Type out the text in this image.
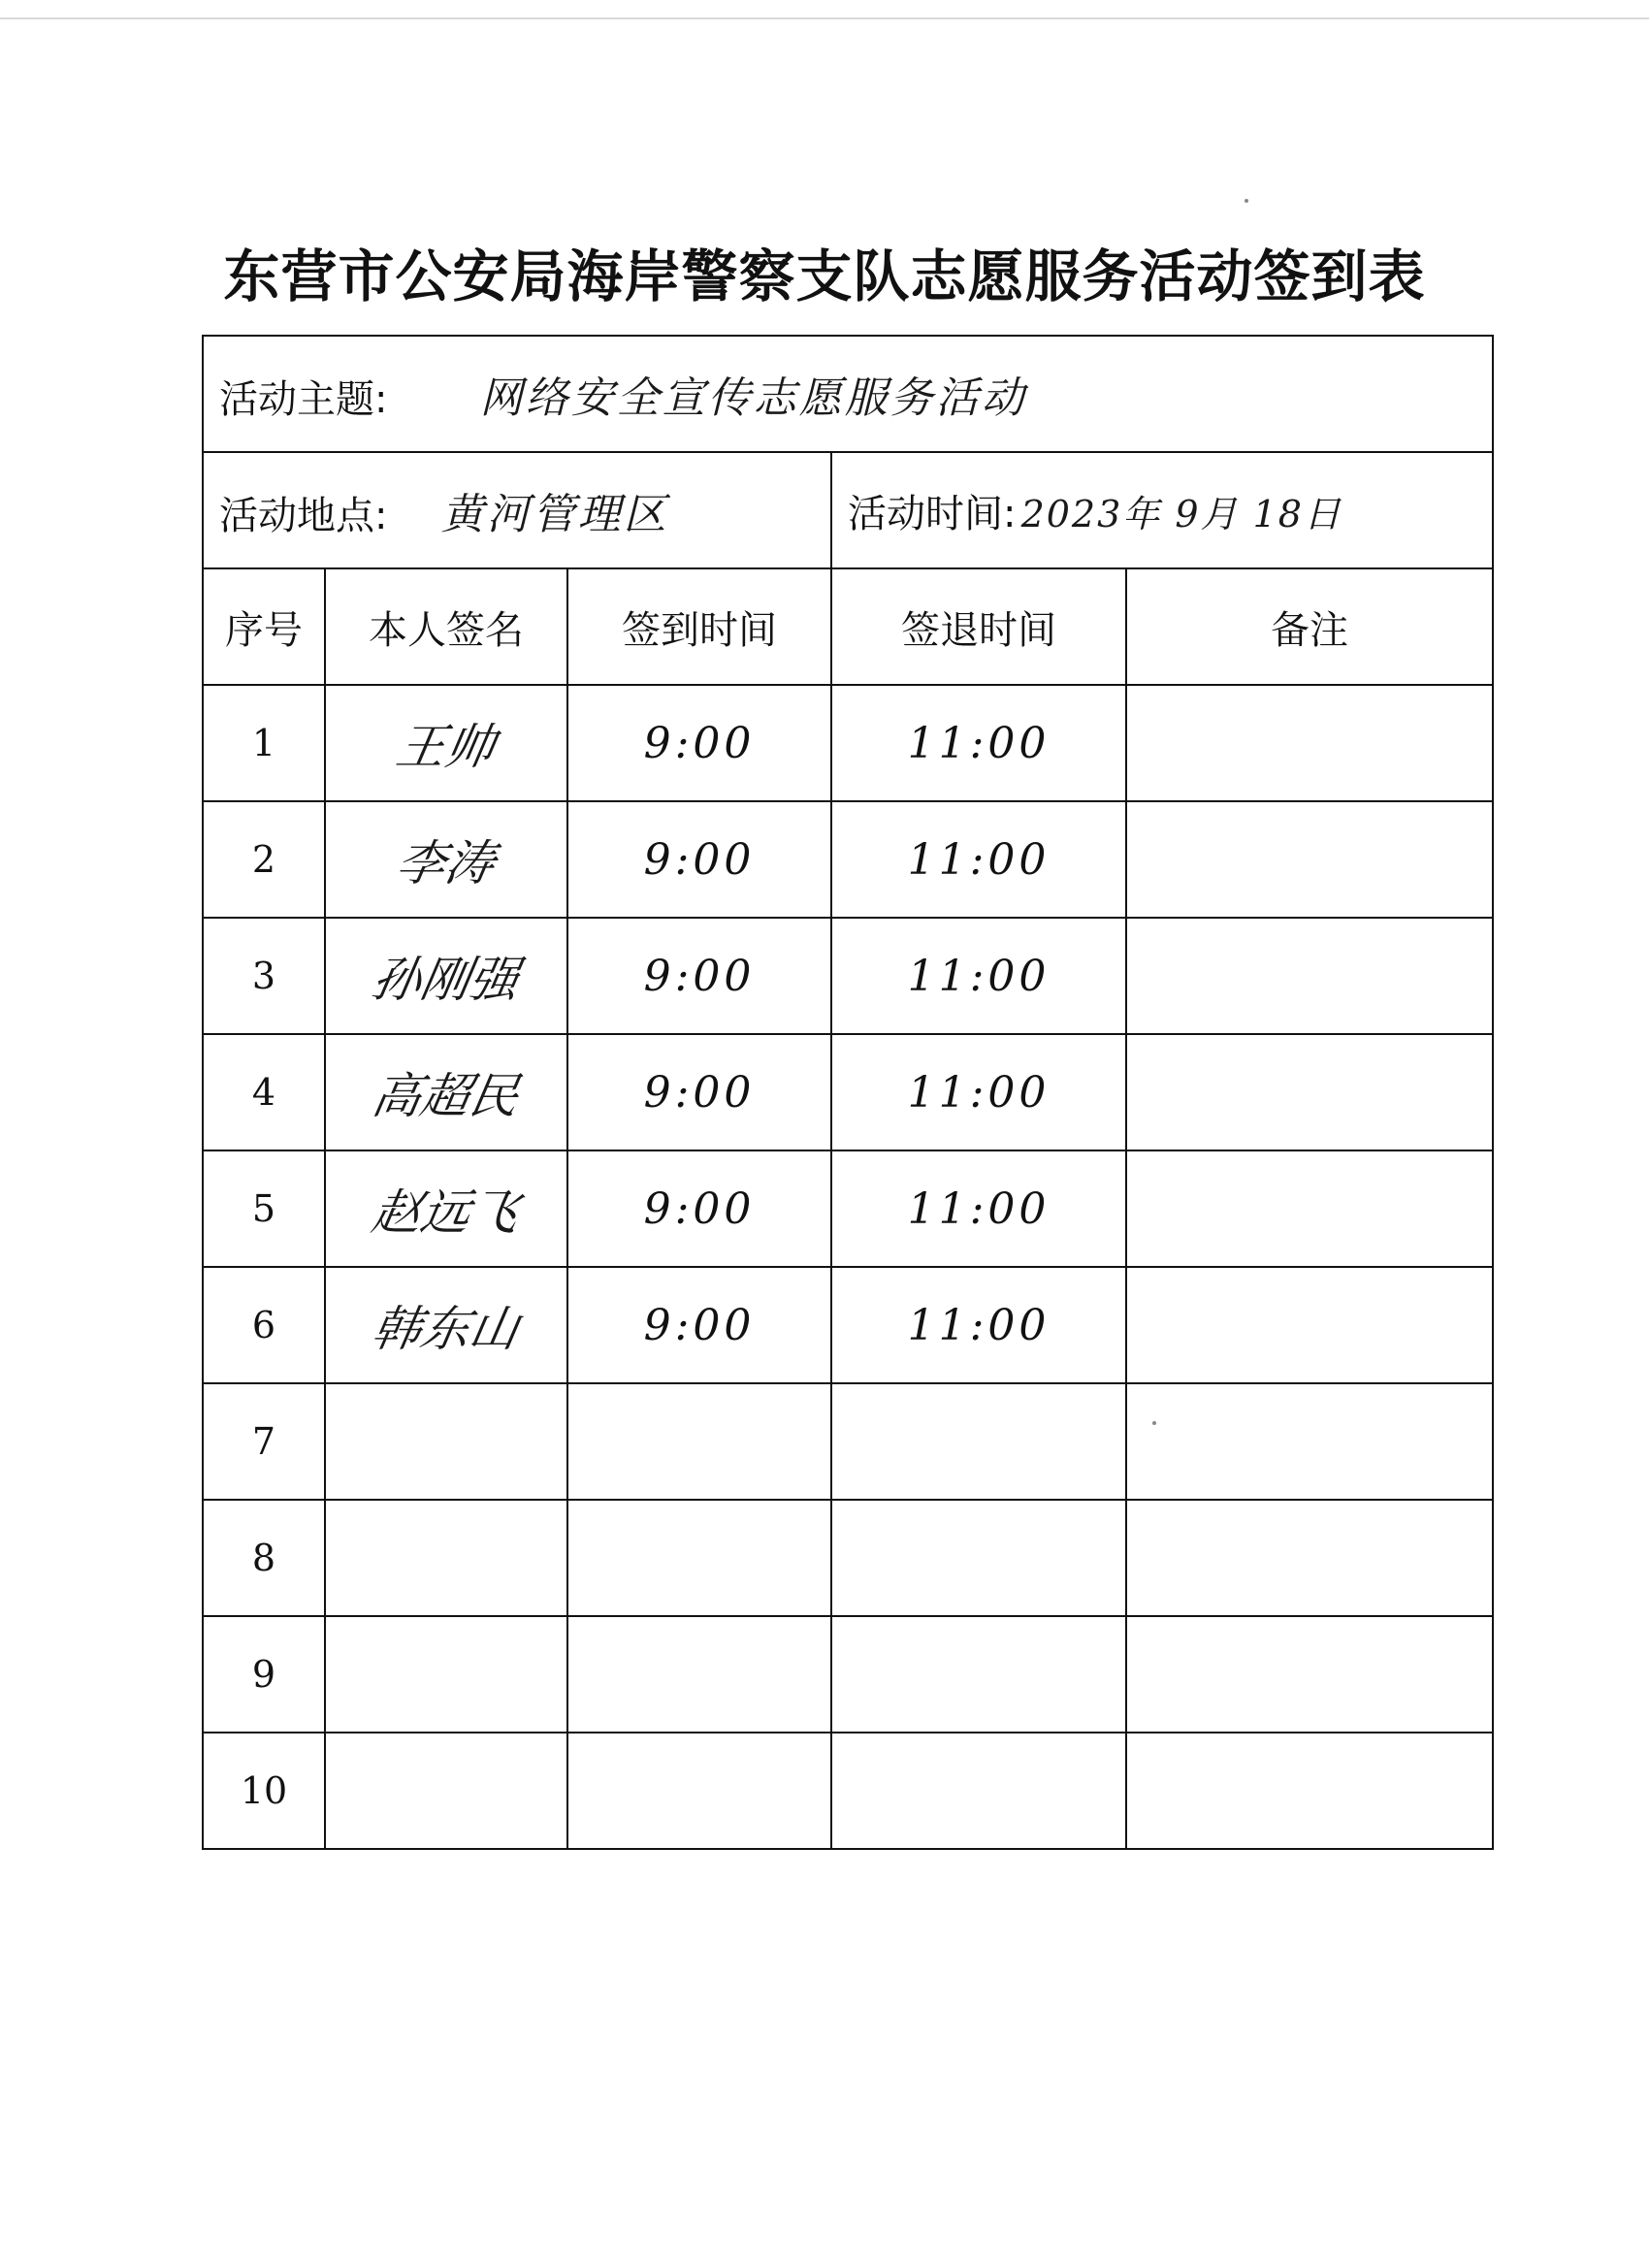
东营市公安局海岸警察支队志愿服务活动签到表
活动主题: 网络安全宣传志愿服务活动				
活动地点: 黄河管理区			活动时间: 2023年 9月 18日	
序号	本人签名	签到时间	签退时间	备注
1	王帅	9:00	11:00	
2	李涛	9:00	11:00	
3	孙刚强	9:00	11:00	
4	高超民	9:00	11:00	
5	赵远飞	9:00	11:00	
6	韩东山	9:00	11:00	
7				
8				
9				
10				
